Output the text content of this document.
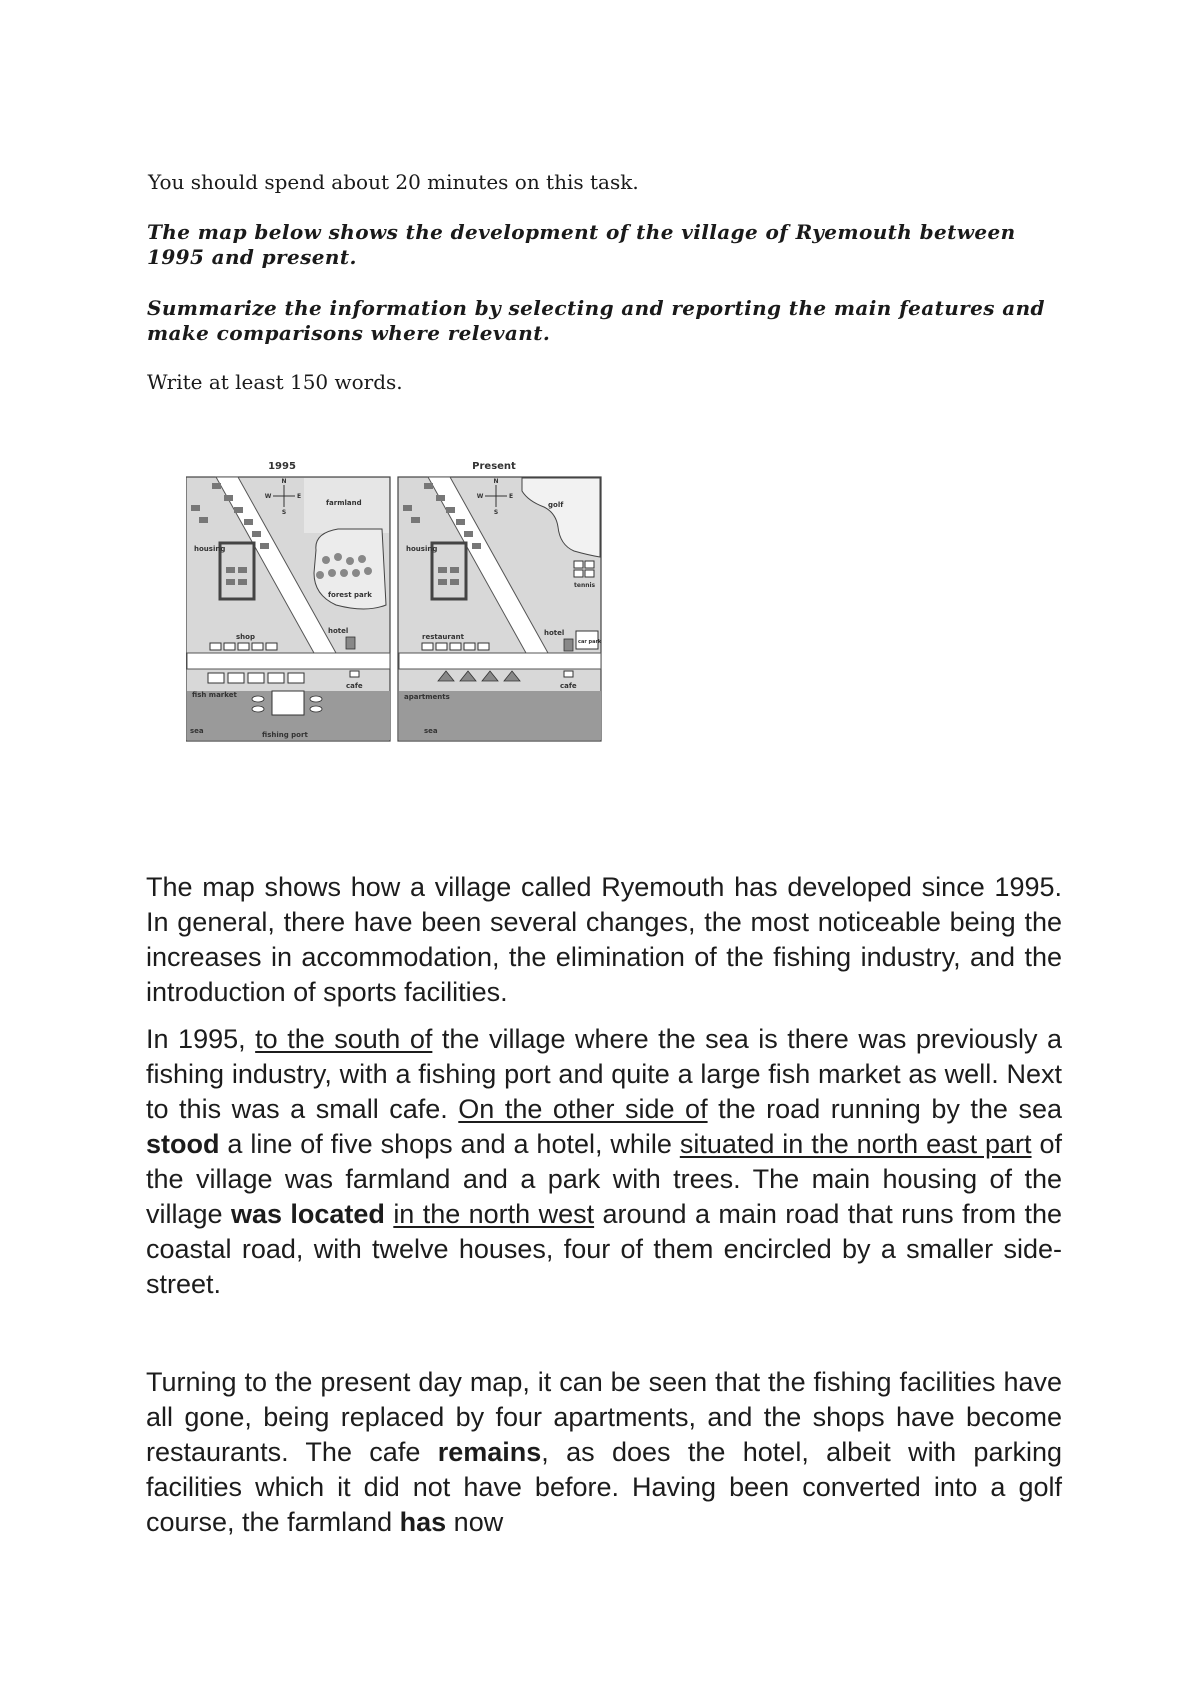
You should spend about 20 minutes on this task.
The map below shows the development of the village of Ryemouth between 1995 and present.
Summarize the information by selecting and reporting the main features and make comparisons where relevant.
Write at least 150 words.
1995
N
S
W	E
farmland
housing
forest park
hotel
shop
cafe
fish market
sea	fishing port
Present
N
S
W	E
golf
tennis
housing
hotel
car park
restaurant
cafe
apartments
sea

The map shows how a village called Ryemouth has developed since 1995. In general, there have been several changes, the most noticeable being the increases in accommodation, the elimination of the fishing industry, and the introduction of sports facilities.

In 1995, to the south of the village where the sea is there was previously a fishing industry, with a fishing port and quite a large fish market as well. Next to this was a small cafe. On the other side of the road running by the sea stood a line of five shops and a hotel, while situated in the north east part of the village was farmland and a park with trees. The main housing of the village was located in the north west around a main road that runs from the coastal road, with twelve houses, four of them encircled by a smaller side-street.

Turning to the present day map, it can be seen that the fishing facilities have all gone, being replaced by four apartments, and the shops have become restaurants. The cafe remains, as does the hotel, albeit with parking facilities which it did not have before. Having been converted into a golf course, the farmland has now
